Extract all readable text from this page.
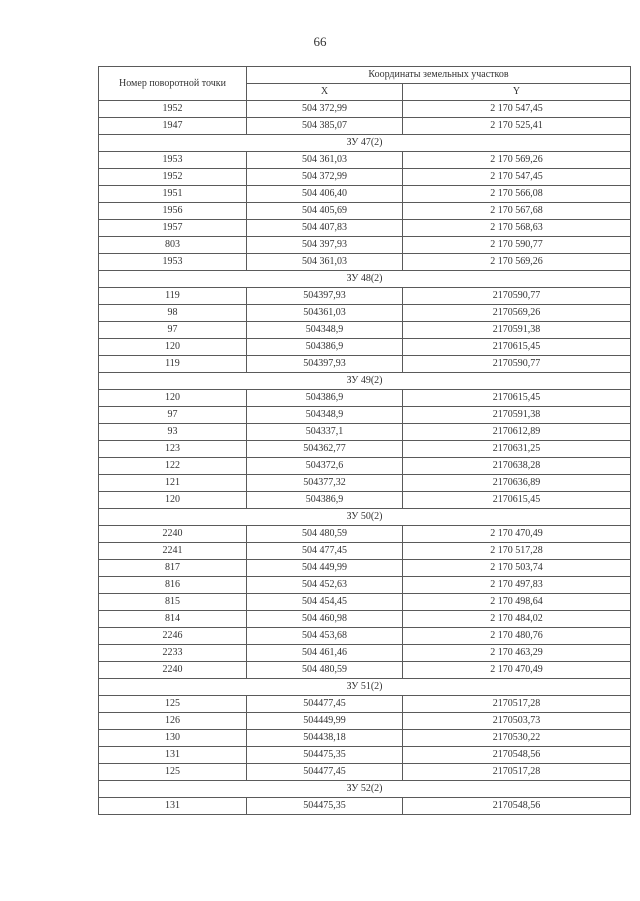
66
Номер поворотной точки	Координаты земельных участков	
	X	Y
1952	504 372,99	2 170 547,45
1947	504 385,07	2 170 525,41
ЗУ 47(2)		
1953	504 361,03	2 170 569,26
1952	504 372,99	2 170 547,45
1951	504 406,40	2 170 566,08
1956	504 405,69	2 170 567,68
1957	504 407,83	2 170 568,63
803	504 397,93	2 170 590,77
1953	504 361,03	2 170 569,26
ЗУ 48(2)		
119	504397,93	2170590,77
98	504361,03	2170569,26
97	504348,9	2170591,38
120	504386,9	2170615,45
119	504397,93	2170590,77
ЗУ 49(2)		
120	504386,9	2170615,45
97	504348,9	2170591,38
93	504337,1	2170612,89
123	504362,77	2170631,25
122	504372,6	2170638,28
121	504377,32	2170636,89
120	504386,9	2170615,45
ЗУ 50(2)		
2240	504 480,59	2 170 470,49
2241	504 477,45	2 170 517,28
817	504 449,99	2 170 503,74
816	504 452,63	2 170 497,83
815	504 454,45	2 170 498,64
814	504 460,98	2 170 484,02
2246	504 453,68	2 170 480,76
2233	504 461,46	2 170 463,29
2240	504 480,59	2 170 470,49
ЗУ 51(2)		
125	504477,45	2170517,28
126	504449,99	2170503,73
130	504438,18	2170530,22
131	504475,35	2170548,56
125	504477,45	2170517,28
ЗУ 52(2)		
131	504475,35	2170548,56
